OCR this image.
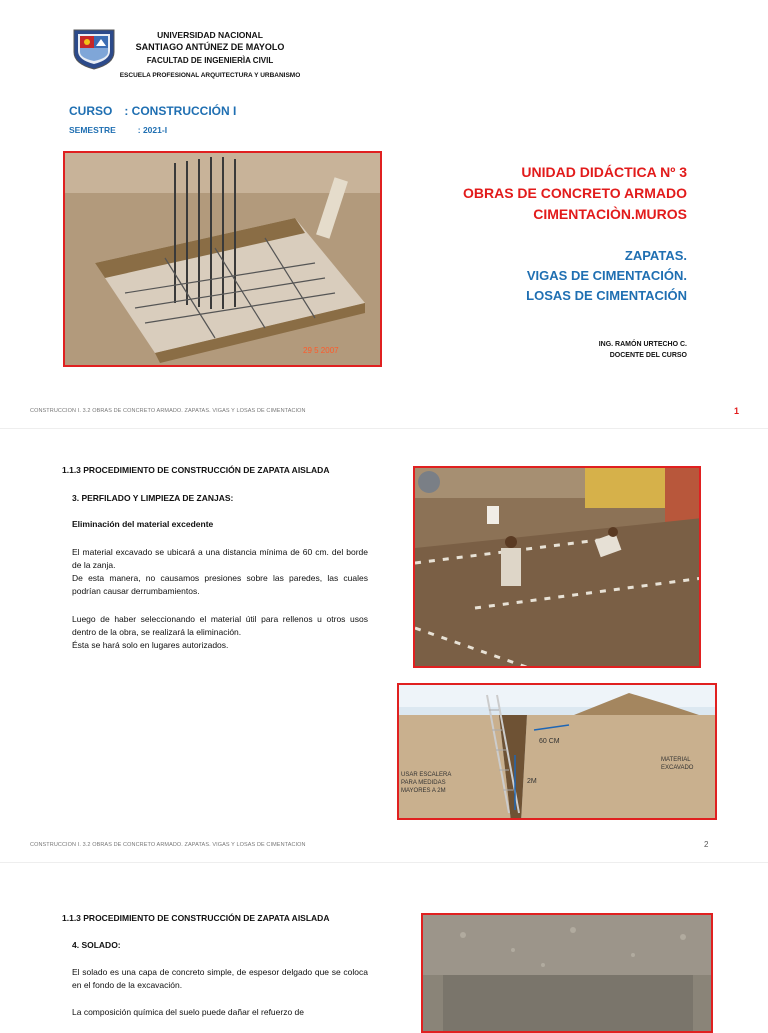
UNIVERSIDAD NACIONAL
SANTIAGO ANTÚNEZ DE MAYOLO
FACULTAD DE INGENIERÌA CIVIL
ESCUELA PROFESIONAL ARQUITECTURA Y URBANISMO
CURSO : CONSTRUCCIÓN I
SEMESTRE	: 2021-I
29 5 2007
UNIDAD DIDÁCTICA Nº 3
OBRAS DE CONCRETO ARMADO
CIMENTACIÒN.MUROS
ZAPATAS.
VIGAS DE CIMENTACIÓN.
LOSAS DE CIMENTACIÓN
ING. RAMÓN URTECHO C.
DOCENTE DEL CURSO
CONSTRUCCION I. 3.2 OBRAS DE CONCRETO ARMADO. ZAPATAS. VIGAS Y LOSAS DE CIMENTACION	1
1.1.3 PROCEDIMIENTO DE CONSTRUCCIÓN DE ZAPATA AISLADA
3. PERFILADO Y LIMPIEZA DE ZANJAS:
Eliminación del material excedente
El material excavado se ubicará a una distancia mínima de 60 cm. del borde de la zanja.
De esta manera, no causamos presiones sobre las paredes, las cuales podrían causar derrumbamientos.
Luego de haber seleccionando el material útil para rellenos u otros usos dentro de la obra, se realizará la eliminación.
Ésta se hará solo en lugares autorizados.
60 CM
2M
MATERIAL
EXCAVADO
USAR ESCALERA
PARA MEDIDAS
MAYORES A 2M
CONSTRUCCION I. 3.2 OBRAS DE CONCRETO ARMADO. ZAPATAS. VIGAS Y LOSAS DE CIMENTACION	2
1.1.3 PROCEDIMIENTO DE CONSTRUCCIÓN DE ZAPATA AISLADA
4. SOLADO:
El solado es una capa de concreto simple, de espesor delgado que se coloca en el fondo de la excavación.
La composición química del suelo puede dañar el refuerzo de
